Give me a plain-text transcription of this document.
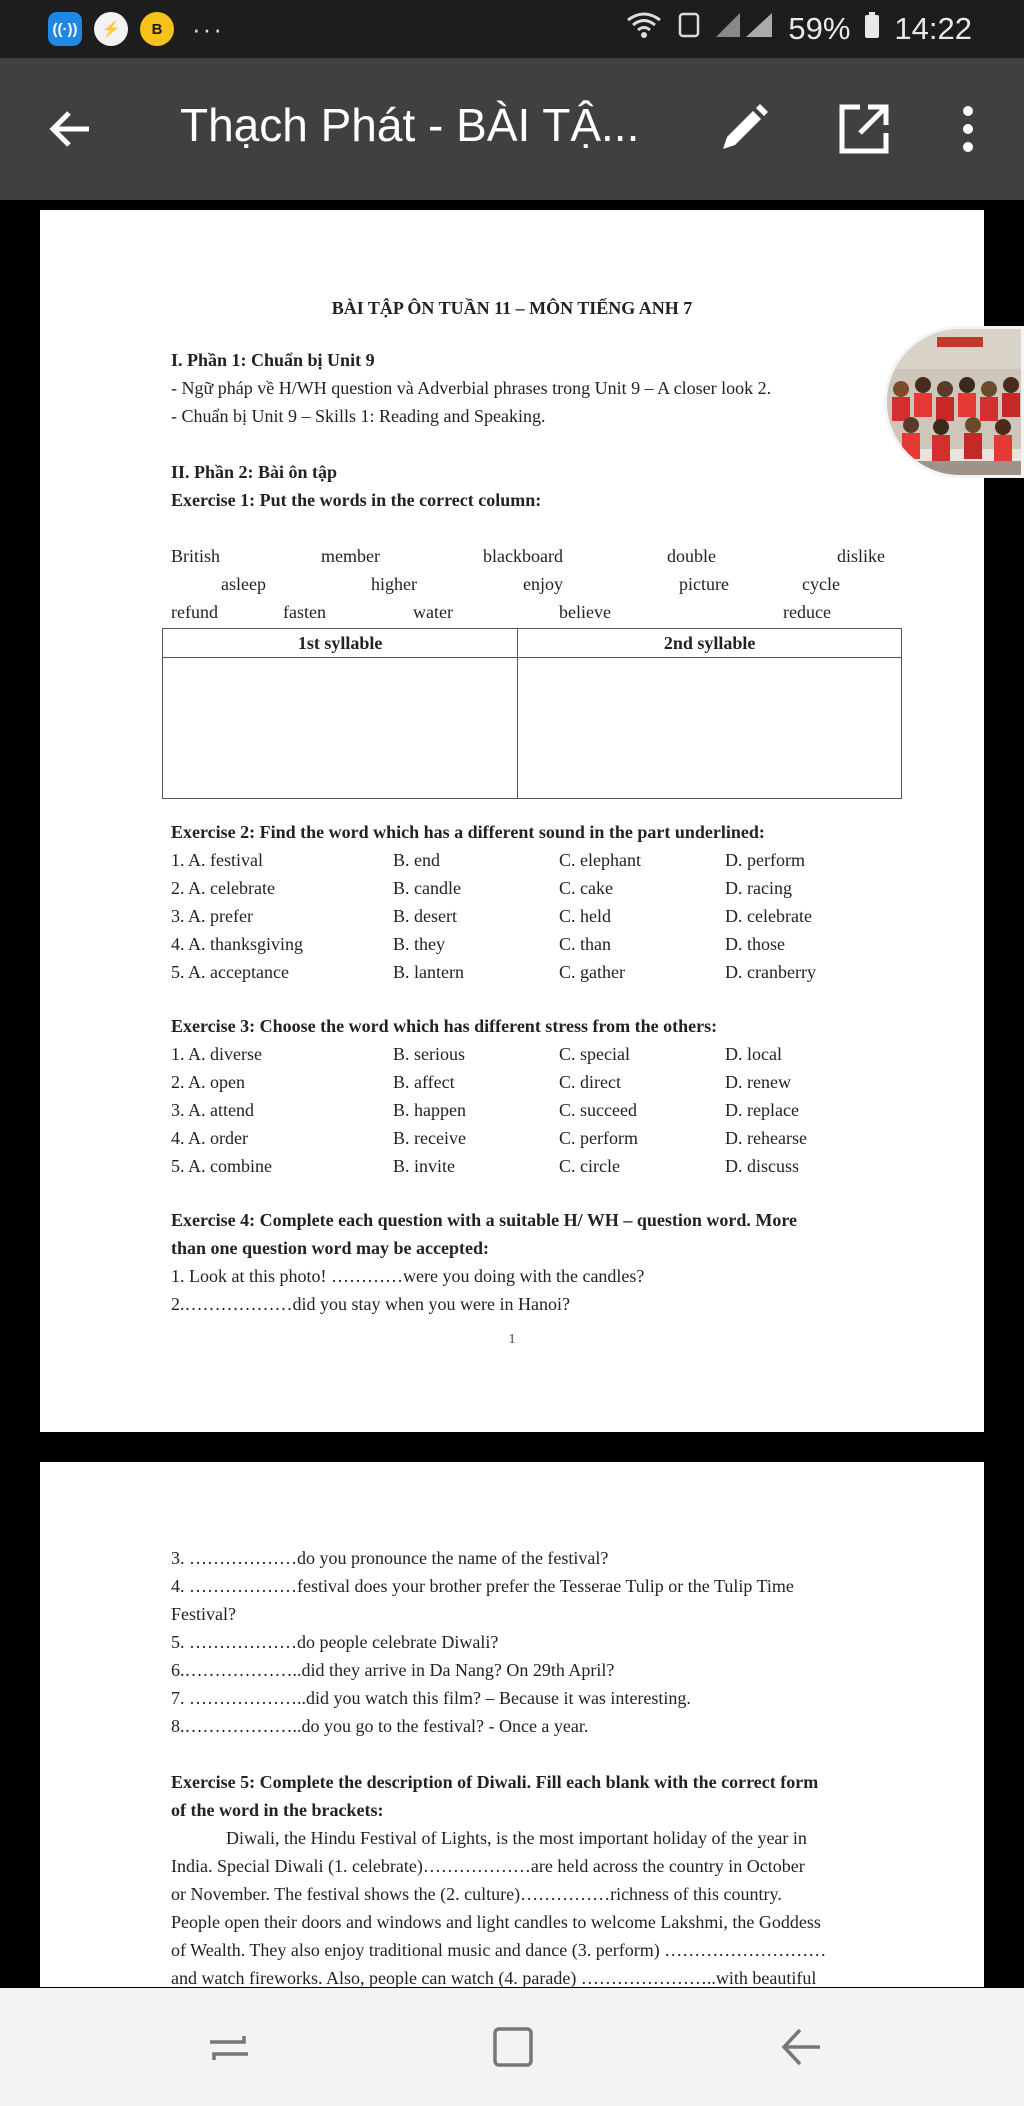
((·))	⚡	B	···	59% 14:22
Thạch Phát - BÀI TẬ...
BÀI TẬP ÔN TUẦN 11 – MÔN TIẾNG ANH 7
I. Phần 1: Chuẩn bị Unit 9
- Ngữ pháp về H/WH question và Adverbial phrases trong Unit 9 – A closer look 2.
- Chuẩn bị Unit 9 – Skills 1: Reading and Speaking.
II. Phần 2: Bài ôn tập
Exercise 1: Put the words in the correct column:
British	member	blackboard	double	dislike
asleep	higher	enjoy	picture	cycle
refund	fasten	water	believe	reduce
1st syllable	2nd syllable

Exercise 2: Find the word which has a different sound in the part underlined:
1. A. festival	B. end	C. elephant	D. perform
2. A. celebrate	B. candle	C. cake	D. racing
3. A. prefer	B. desert	C. held	D. celebrate
4. A. thanksgiving	B. they	C. than	D. those
5. A. acceptance	B. lantern	C. gather	D. cranberry
Exercise 3: Choose the word which has different stress from the others:
1. A. diverse	B. serious	C. special	D. local
2. A. open	B. affect	C. direct	D. renew
3. A. attend	B. happen	C. succeed	D. replace
4. A. order	B. receive	C. perform	D. rehearse
5. A. combine	B. invite	C. circle	D. discuss
Exercise 4: Complete each question with a suitable H/ WH – question word. More
than one question word may be accepted:
1. Look at this photo! …………were you doing with the candles?
2.………………did you stay when you were in Hanoi?
1
3. ………………do you pronounce the name of the festival?
4. ………………festival does your brother prefer the Tesserae Tulip or the Tulip Time
Festival?
5. ………………do people celebrate Diwali?
6.………………..did they arrive in Da Nang? On 29th April?
7. ………………..did you watch this film? – Because it was interesting.
8.………………..do you go to the festival? - Once a year.
Exercise 5: Complete the description of Diwali. Fill each blank with the correct form
of the word in the brackets:
Diwali, the Hindu Festival of Lights, is the most important holiday of the year in
India. Special Diwali (1. celebrate)………………are held across the country in October
or November. The festival shows the (2. culture)……………richness of this country.
People open their doors and windows and light candles to welcome Lakshmi, the Goddess
of Wealth. They also enjoy traditional music and dance (3. perform) ………………………
and watch fireworks. Also, people can watch (4. parade) …………………..with beautiful
